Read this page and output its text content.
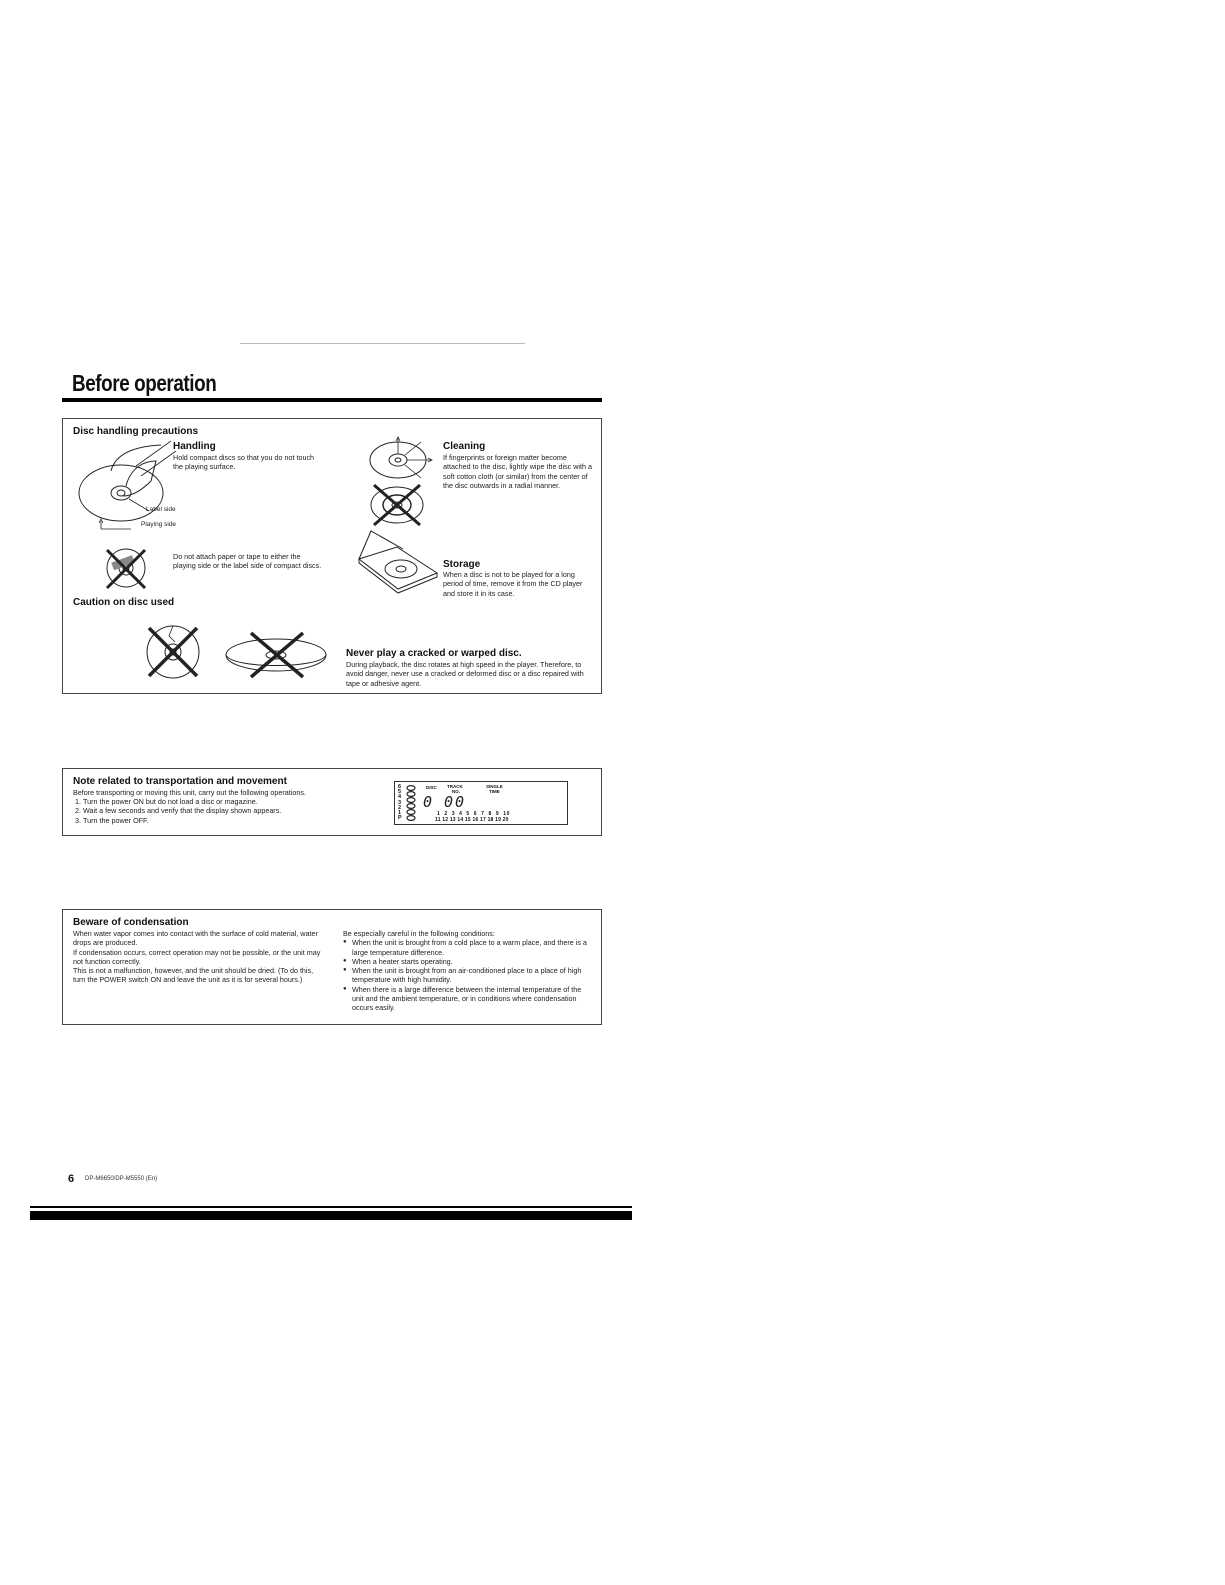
Before operation

Disc handling precautions

Label side
Playing side

Handling

Hold compact discs so that you do not touch the playing surface.

Do not attach paper or tape to either the playing side or the label side of compact discs.

Caution on disc used

Cleaning

If fingerprints or foreign matter become attached to the disc, lightly wipe the disc with a soft cotton cloth (or similar) from the center of the disc outwards in a radial manner.

Storage

When a disc is not to be played for a long period of time, remove it from the CD player and store it in its case.

Never play a cracked or warped disc.

During playback, the disc rotates at high speed in the player. Therefore, to avoid danger, never use a cracked or deformed disc or a disc repaired with tape or adhesive agent.

Note related to transportation and movement

Before transporting or moving this unit, carry out the following operations.

1. Turn the power ON but do not load a disc or magazine.
2. Wait a few seconds and verify that the display shown appears.
3. Turn the power OFF.
654321P
DISC TRACK
NO.
SINGLE
TIME
0 00
1  2  3  4  5  6  7  8  9  10
11 12 13 14 15 16 17 18 19 20

Beware of condensation

When water vapor comes into contact with the surface of cold material, water drops are produced.

If condensation occurs, correct operation may not be possible, or the unit may not function correctly.

This is not a malfunction, however, and the unit should be dried. (To do this, turn the POWER switch ON and leave the unit as it is for several hours.)

Be especially careful in the following conditions:

● When the unit is brought from a cold place to a warm place, and there is a large temperature difference.
● When a heater starts operating.
● When the unit is brought from an air-conditioned place to a place of high temperature with high humidity.
● When there is a large difference between the internal temperature of the unit and the ambient temperature, or in conditions where condensation occurs easily.
6 DP-M6650/DP-M5550 (En)
